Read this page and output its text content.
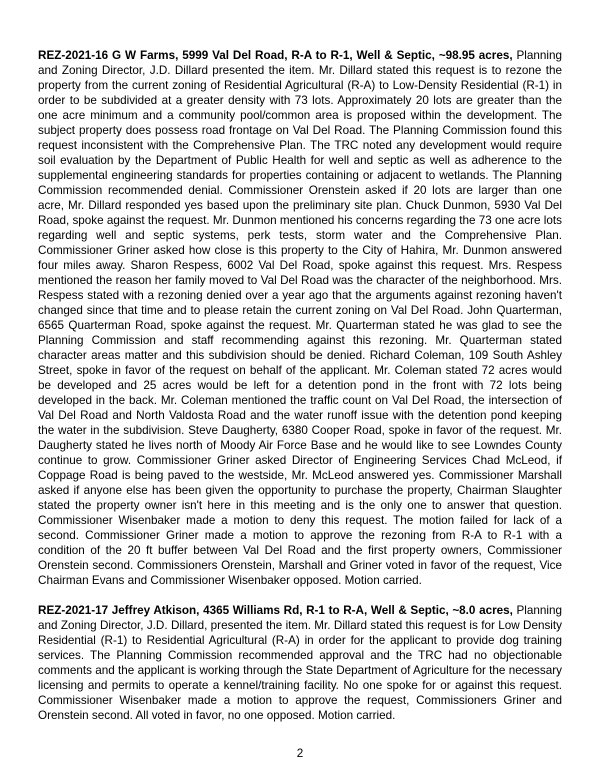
REZ-2021-16 G W Farms, 5999 Val Del Road, R-A to R-1, Well & Septic, ~98.95 acres, Planning and Zoning Director, J.D. Dillard presented the item. Mr. Dillard stated this request is to rezone the property from the current zoning of Residential Agricultural (R-A) to Low-Density Residential (R-1) in order to be subdivided at a greater density with 73 lots. Approximately 20 lots are greater than the one acre minimum and a community pool/common area is proposed within the development. The subject property does possess road frontage on Val Del Road. The Planning Commission found this request inconsistent with the Comprehensive Plan. The TRC noted any development would require soil evaluation by the Department of Public Health for well and septic as well as adherence to the supplemental engineering standards for properties containing or adjacent to wetlands. The Planning Commission recommended denial. Commissioner Orenstein asked if 20 lots are larger than one acre, Mr. Dillard responded yes based upon the preliminary site plan. Chuck Dunmon, 5930 Val Del Road, spoke against the request. Mr. Dunmon mentioned his concerns regarding the 73 one acre lots regarding well and septic systems, perk tests, storm water and the Comprehensive Plan. Commissioner Griner asked how close is this property to the City of Hahira, Mr. Dunmon answered four miles away. Sharon Respess, 6002 Val Del Road, spoke against this request. Mrs. Respess mentioned the reason her family moved to Val Del Road was the character of the neighborhood. Mrs. Respess stated with a rezoning denied over a year ago that the arguments against rezoning haven't changed since that time and to please retain the current zoning on Val Del Road. John Quarterman, 6565 Quarterman Road, spoke against the request. Mr. Quarterman stated he was glad to see the Planning Commission and staff recommending against this rezoning. Mr. Quarterman stated character areas matter and this subdivision should be denied. Richard Coleman, 109 South Ashley Street, spoke in favor of the request on behalf of the applicant. Mr. Coleman stated 72 acres would be developed and 25 acres would be left for a detention pond in the front with 72 lots being developed in the back. Mr. Coleman mentioned the traffic count on Val Del Road, the intersection of Val Del Road and North Valdosta Road and the water runoff issue with the detention pond keeping the water in the subdivision. Steve Daugherty, 6380 Cooper Road, spoke in favor of the request. Mr. Daugherty stated he lives north of Moody Air Force Base and he would like to see Lowndes County continue to grow. Commissioner Griner asked Director of Engineering Services Chad McLeod, if Coppage Road is being paved to the westside, Mr. McLeod answered yes. Commissioner Marshall asked if anyone else has been given the opportunity to purchase the property, Chairman Slaughter stated the property owner isn't here in this meeting and is the only one to answer that question. Commissioner Wisenbaker made a motion to deny this request. The motion failed for lack of a second. Commissioner Griner made a motion to approve the rezoning from R-A to R-1 with a condition of the 20 ft buffer between Val Del Road and the first property owners, Commissioner Orenstein second. Commissioners Orenstein, Marshall and Griner voted in favor of the request, Vice Chairman Evans and Commissioner Wisenbaker opposed. Motion carried.

REZ-2021-17 Jeffrey Atkison, 4365 Williams Rd, R-1 to R-A, Well & Septic, ~8.0 acres, Planning and Zoning Director, J.D. Dillard, presented the item. Mr. Dillard stated this request is for Low Density Residential (R-1) to Residential Agricultural (R-A) in order for the applicant to provide dog training services. The Planning Commission recommended approval and the TRC had no objectionable comments and the applicant is working through the State Department of Agriculture for the necessary licensing and permits to operate a kennel/training facility. No one spoke for or against this request. Commissioner Wisenbaker made a motion to approve the request, Commissioners Griner and Orenstein second. All voted in favor, no one opposed. Motion carried.

2
